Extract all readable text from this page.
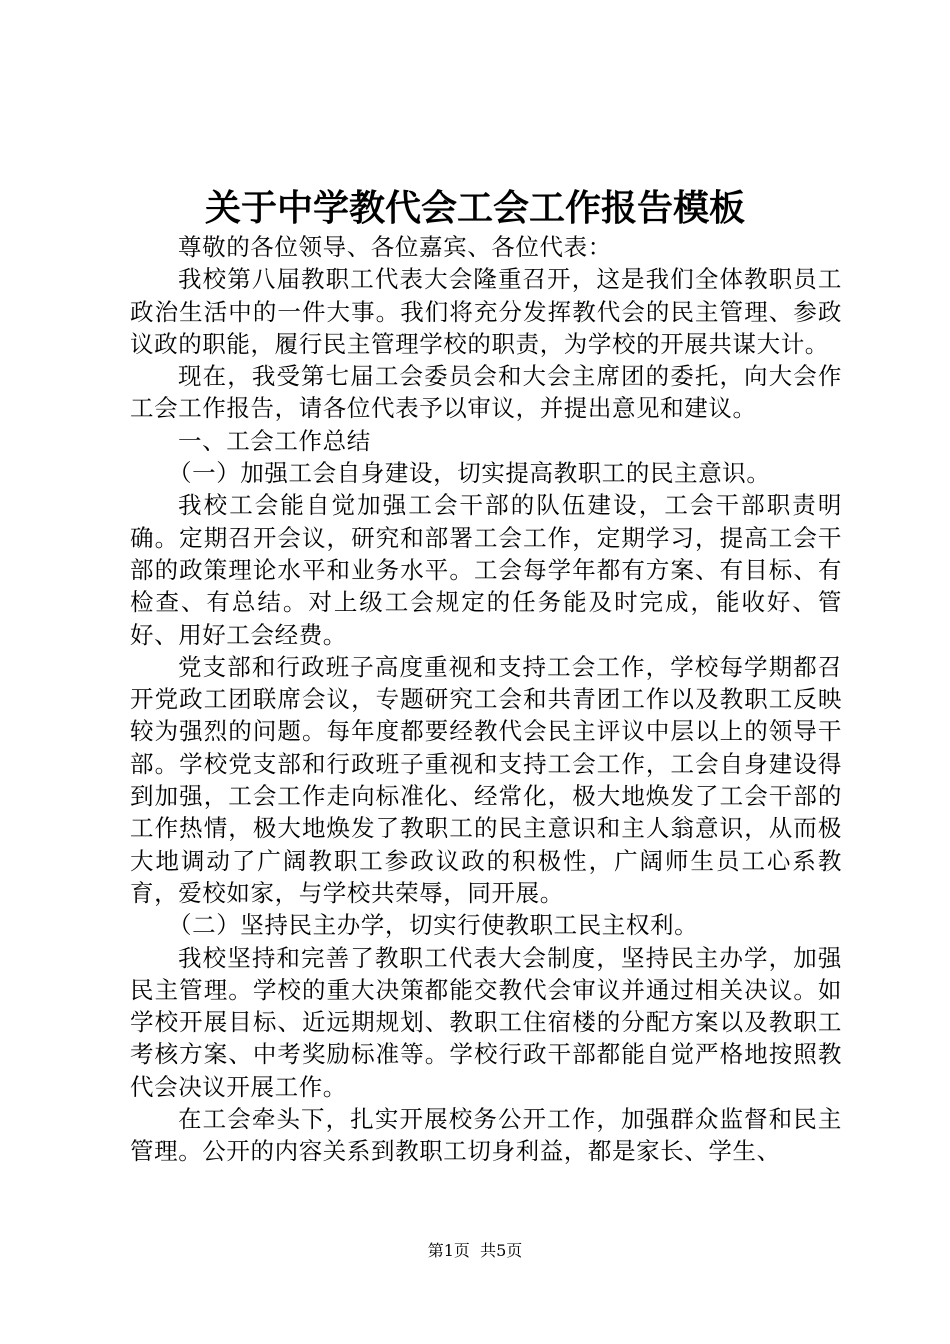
关于中学教代会工会工作报告模板

尊敬的各位领导、各位嘉宾、各位代表：

我校第八届教职工代表大会隆重召开，这是我们全体教职员工政治生活中的一件大事。我们将充分发挥教代会的民主管理、参政议政的职能，履行民主管理学校的职责，为学校的开展共谋大计。

现在，我受第七届工会委员会和大会主席团的委托，向大会作工会工作报告，请各位代表予以审议，并提出意见和建议。

一、工会工作总结

（一）加强工会自身建设，切实提高教职工的民主意识。

我校工会能自觉加强工会干部的队伍建设，工会干部职责明确。定期召开会议，研究和部署工会工作，定期学习，提高工会干部的政策理论水平和业务水平。工会每学年都有方案、有目标、有检查、有总结。对上级工会规定的任务能及时完成，能收好、管好、用好工会经费。

党支部和行政班子高度重视和支持工会工作，学校每学期都召开党政工团联席会议，专题研究工会和共青团工作以及教职工反映较为强烈的问题。每年度都要经教代会民主评议中层以上的领导干部。学校党支部和行政班子重视和支持工会工作，工会自身建设得到加强，工会工作走向标准化、经常化，极大地焕发了工会干部的工作热情，极大地焕发了教职工的民主意识和主人翁意识，从而极大地调动了广阔教职工参政议政的积极性，广阔师生员工心系教育，爱校如家，与学校共荣辱，同开展。

（二）坚持民主办学，切实行使教职工民主权利。

我校坚持和完善了教职工代表大会制度，坚持民主办学，加强民主管理。学校的重大决策都能交教代会审议并通过相关决议。如学校开展目标、近远期规划、教职工住宿楼的分配方案以及教职工考核方案、中考奖励标准等。学校行政干部都能自觉严格地按照教代会决议开展工作。

在工会牵头下，扎实开展校务公开工作，加强群众监督和民主管理。公开的内容关系到教职工切身利益，都是家长、学生、

第1页 共5页
